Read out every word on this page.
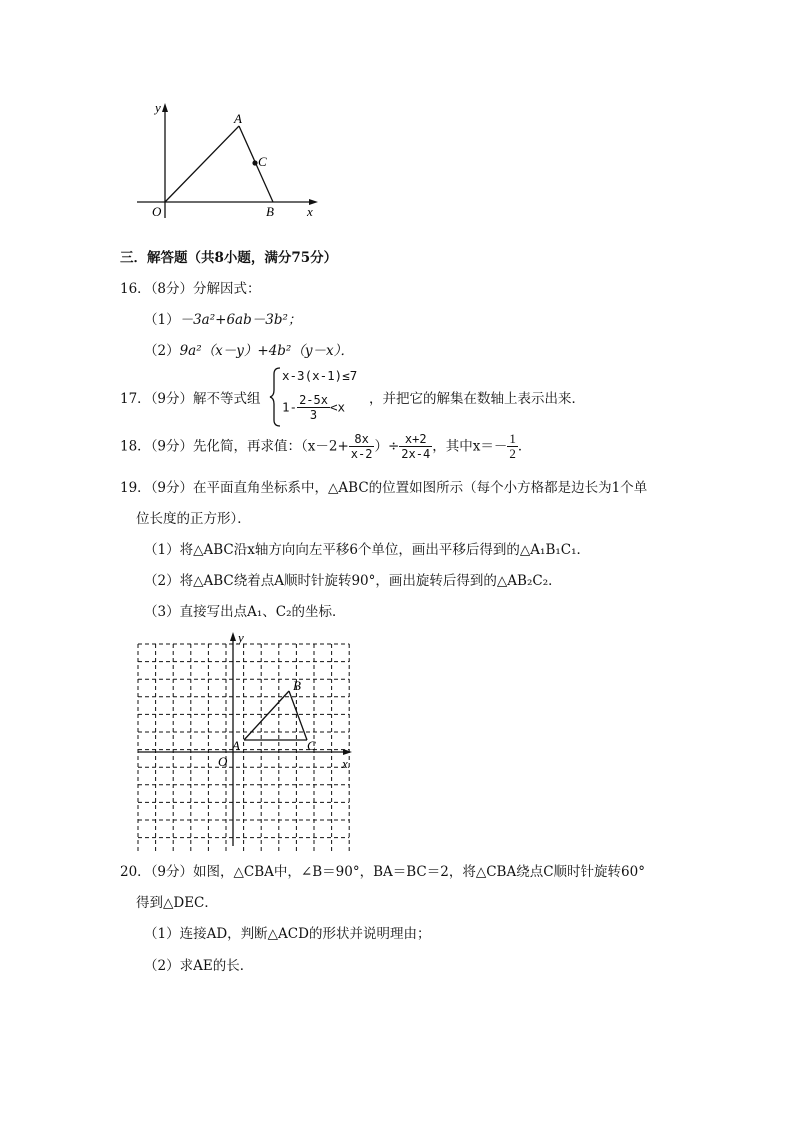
y
A
C
O	B	x
三．解答题（共8小题，满分75分）
16．（8分）分解因式：
（1）－3a²+6ab－3b²；
（2）9a²（x－y）+4b²（y－x）．
17．（9分）解不等式组
x-3(x-1)≤7
$1- \frac{2-5x}{3} <x$ ，并把它的解集在数轴上表示出来．
18．（9分）先化简，再求值：（$x-2+ \frac{8x}{x-2}$ ）÷ $\frac{x+2}{2x-4}$ ，其中$x=- \frac{1}{2}$ ．
19．（9分）在平面直角坐标系中，△ABC的位置如图所示（每个小方格都是边长为1个单
位长度的正方形）．
（1）将△ABC沿x轴方向向左平移6个单位，画出平移后得到的△A₁B₁C₁．
（2）将△ABC绕着点A顺时针旋转90°，画出旋转后得到的△AB₂C₂．
（3）直接写出点A₁、C₂的坐标．
y
B
A	C
O	x
20．（9分）如图，△CBA中，∠B＝90°，BA＝BC＝2，将△CBA绕点C顺时针旋转60°
得到△DEC．
（1）连接AD，判断△ACD的形状并说明理由；
（2）求AE的长．
